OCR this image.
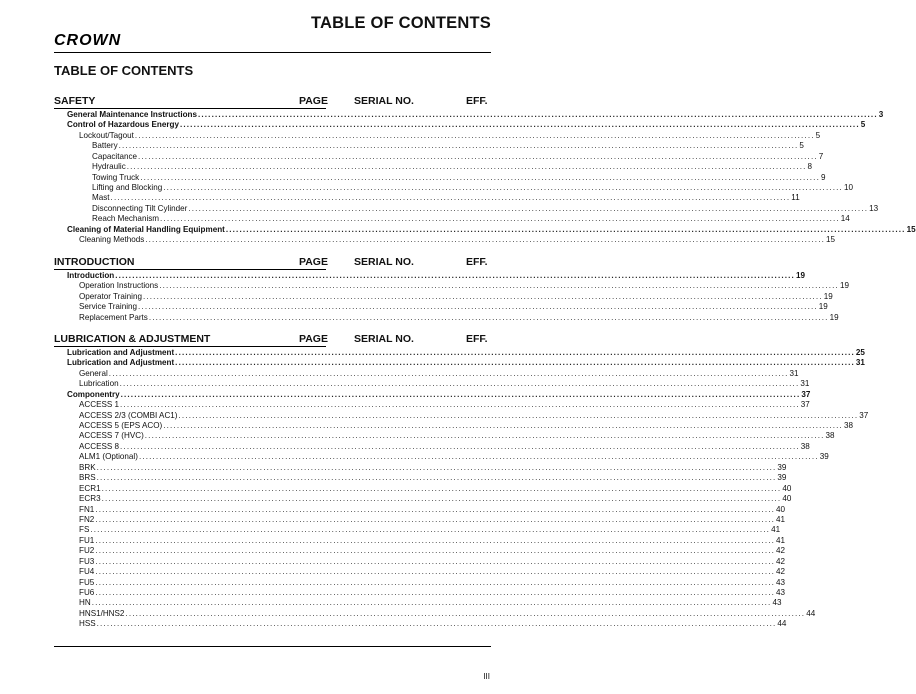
CROWN
TABLE OF CONTENTS
TABLE OF CONTENTS
SAFETY	PAGE SERIAL NO.	EFF.
General Maintenance Instructions ........................................................................................................................................................................................................ 3
Control of Hazardous Energy ........................................................................................................................................................................................................ 5
Lockout/Tagout ........................................................................................................................................................................................................ 5
Battery ........................................................................................................................................................................................................ 5
Capacitance ........................................................................................................................................................................................................ 7
Hydraulic ........................................................................................................................................................................................................ 8
Towing Truck ........................................................................................................................................................................................................ 9
Lifting and Blocking ........................................................................................................................................................................................................ 10
Mast ........................................................................................................................................................................................................ 11
Disconnecting Tilt Cylinder ........................................................................................................................................................................................................ 13
Reach Mechanism ........................................................................................................................................................................................................ 14
Cleaning of Material Handling Equipment ........................................................................................................................................................................................................ 15
Cleaning Methods ........................................................................................................................................................................................................ 15
INTRODUCTION	PAGE SERIAL NO.	EFF.
Introduction ........................................................................................................................................................................................................ 19
Operation Instructions ........................................................................................................................................................................................................ 19
Operator Training ........................................................................................................................................................................................................ 19
Service Training ........................................................................................................................................................................................................ 19
Replacement Parts ........................................................................................................................................................................................................ 19
LUBRICATION & ADJUSTMENT	PAGE SERIAL NO.	EFF.
Lubrication and Adjustment ........................................................................................................................................................................................................ 25
Lubrication and Adjustment ........................................................................................................................................................................................................ 31
General ........................................................................................................................................................................................................ 31
Lubrication ........................................................................................................................................................................................................ 31
Componentry ........................................................................................................................................................................................................ 37
ACCESS 1 ........................................................................................................................................................................................................ 37
ACCESS 2/3 (COMBI AC1) ........................................................................................................................................................................................................ 37
ACCESS 5 (EPS ACO) ........................................................................................................................................................................................................ 38
ACCESS 7 (HVC) ........................................................................................................................................................................................................ 38
ACCESS 8 ........................................................................................................................................................................................................ 38
ALM1 (Optional) ........................................................................................................................................................................................................ 39
BRK ........................................................................................................................................................................................................ 39
BRS ........................................................................................................................................................................................................ 39
ECR1 ........................................................................................................................................................................................................ 40
ECR3 ........................................................................................................................................................................................................ 40
FN1 ........................................................................................................................................................................................................ 40
FN2 ........................................................................................................................................................................................................ 41
FS ........................................................................................................................................................................................................ 41
FU1 ........................................................................................................................................................................................................ 41
FU2 ........................................................................................................................................................................................................ 42
FU3 ........................................................................................................................................................................................................ 42
FU4 ........................................................................................................................................................................................................ 42
FU5 ........................................................................................................................................................................................................ 43
FU6 ........................................................................................................................................................................................................ 43
HN ........................................................................................................................................................................................................ 43
HNS1/HNS2 ........................................................................................................................................................................................................ 44
HSS ........................................................................................................................................................................................................ 44
III
